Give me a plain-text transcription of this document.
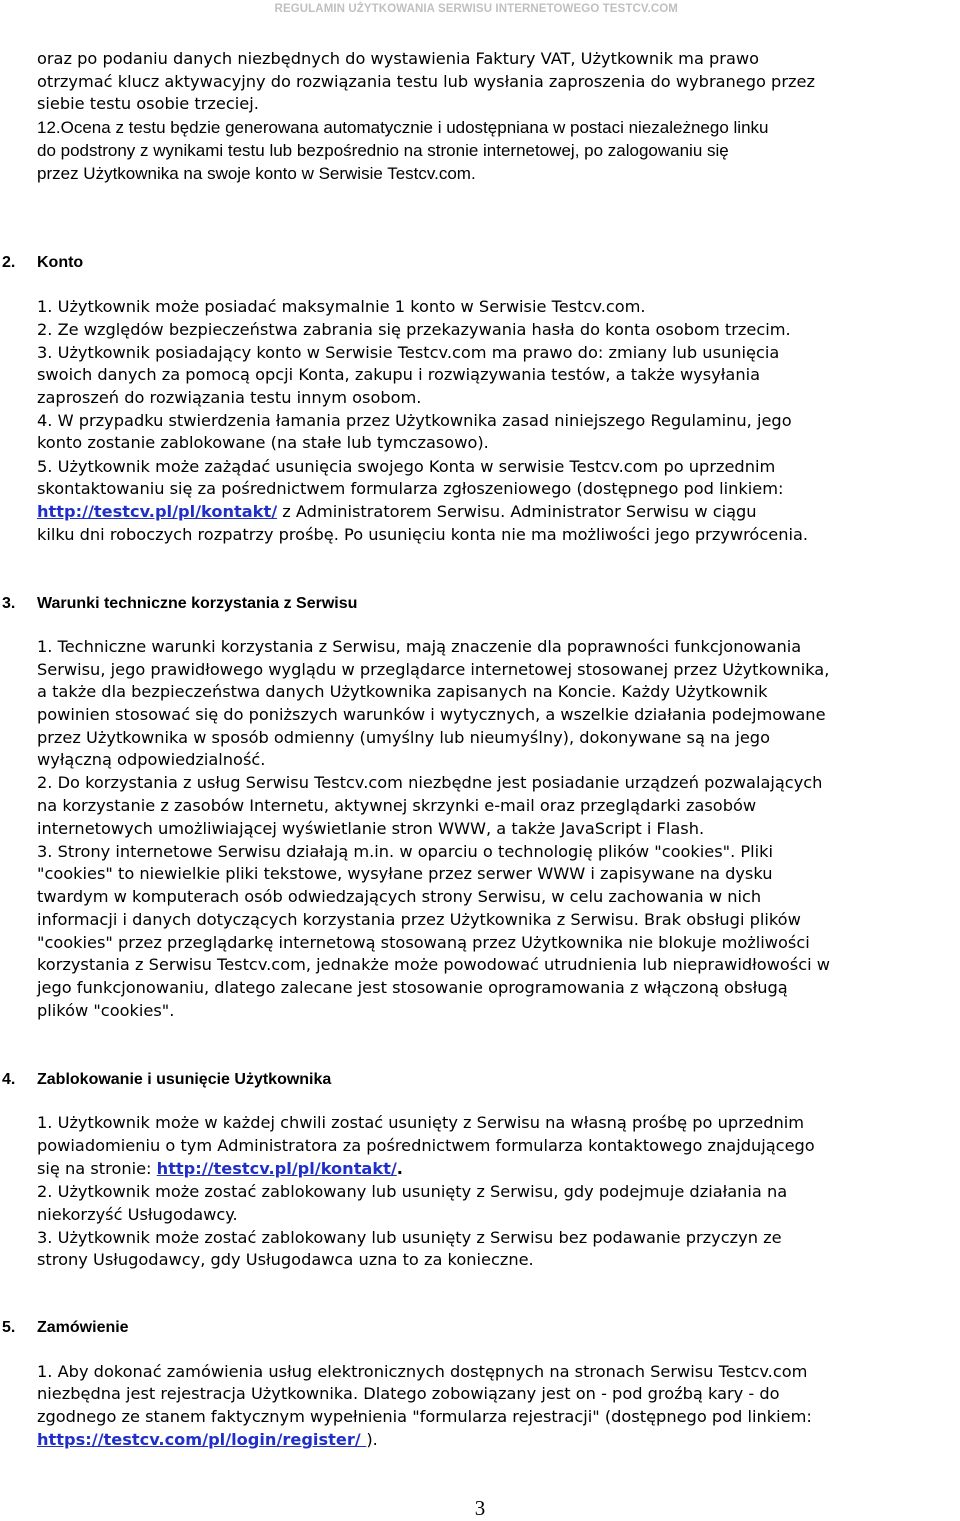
REGULAMIN UŻYTKOWANIA SERWISU INTERNETOWEGO TESTCV.COM

oraz po podaniu danych niezbędnych do wystawienia Faktury VAT, Użytkownik ma prawo

otrzymać klucz aktywacyjny do rozwiązania testu lub wysłania zaproszenia do wybranego przez

siebie testu osobie trzeciej.

12.Ocena z testu będzie generowana automatycznie i udostępniana w postaci niezależnego linku

do podstrony z wynikami testu lub bezpośrednio na stronie internetowej, po zalogowaniu się

przez Użytkownika na swoje konto w Serwisie Testcv.com.

2. Konto

1. Użytkownik może posiadać maksymalnie 1 konto w Serwisie Testcv.com.

2. Ze względów bezpieczeństwa zabrania się przekazywania hasła do konta osobom trzecim.

3. Użytkownik posiadający konto w Serwisie Testcv.com ma prawo do: zmiany lub usunięcia

swoich danych za pomocą opcji Konta, zakupu i rozwiązywania testów, a także wysyłania

zaproszeń do rozwiązania testu innym osobom.

4. W przypadku stwierdzenia łamania przez Użytkownika zasad niniejszego Regulaminu, jego

konto zostanie zablokowane (na stałe lub tymczasowo).

5. Użytkownik może zażądać usunięcia swojego Konta w serwisie Testcv.com po uprzednim

skontaktowaniu się za pośrednictwem formularza zgłoszeniowego (dostępnego pod linkiem:

http://testcv.pl/pl/kontakt/ z Administratorem Serwisu. Administrator Serwisu w ciągu

kilku dni roboczych rozpatrzy prośbę. Po usunięciu konta nie ma możliwości jego przywrócenia.

3. Warunki techniczne korzystania z Serwisu

1. Techniczne warunki korzystania z Serwisu, mają znaczenie dla poprawności funkcjonowania

Serwisu, jego prawidłowego wyglądu w przeglądarce internetowej stosowanej przez Użytkownika,

a także dla bezpieczeństwa danych Użytkownika zapisanych na Koncie. Każdy Użytkownik

powinien stosować się do poniższych warunków i wytycznych, a wszelkie działania podejmowane

przez Użytkownika w sposób odmienny (umyślny lub nieumyślny), dokonywane są na jego

wyłączną odpowiedzialność.

2. Do korzystania z usług Serwisu Testcv.com niezbędne jest posiadanie urządzeń pozwalających

na korzystanie z zasobów Internetu, aktywnej skrzynki e-mail oraz przeglądarki zasobów

internetowych umożliwiającej wyświetlanie stron WWW, a także JavaScript i Flash.

3. Strony internetowe Serwisu działają m.in. w oparciu o technologię plików "cookies". Pliki

"cookies" to niewielkie pliki tekstowe, wysyłane przez serwer WWW i zapisywane na dysku

twardym w komputerach osób odwiedzających strony Serwisu, w celu zachowania w nich

informacji i danych dotyczących korzystania przez Użytkownika z Serwisu. Brak obsługi plików

"cookies" przez przeglądarkę internetową stosowaną przez Użytkownika nie blokuje możliwości

korzystania z Serwisu Testcv.com, jednakże może powodować utrudnienia lub nieprawidłowości w

jego funkcjonowaniu, dlatego zalecane jest stosowanie oprogramowania z włączoną obsługą

plików "cookies".

4. Zablokowanie i usunięcie Użytkownika

1. Użytkownik może w każdej chwili zostać usunięty z Serwisu na własną prośbę po uprzednim

powiadomieniu o tym Administratora za pośrednictwem formularza kontaktowego znajdującego

się na stronie: http://testcv.pl/pl/kontakt/.

2. Użytkownik może zostać zablokowany lub usunięty z Serwisu, gdy podejmuje działania na

niekorzyść Usługodawcy.

3. Użytkownik może zostać zablokowany lub usunięty z Serwisu bez podawanie przyczyn ze

strony Usługodawcy, gdy Usługodawca uzna to za konieczne.

5. Zamówienie

1. Aby dokonać zamówienia usług elektronicznych dostępnych na stronach Serwisu Testcv.com

niezbędna jest rejestracja Użytkownika. Dlatego zobowiązany jest on - pod groźbą kary - do

zgodnego ze stanem faktycznym wypełnienia "formularza rejestracji" (dostępnego pod linkiem:

https://testcv.com/pl/login/register/ ).

3
